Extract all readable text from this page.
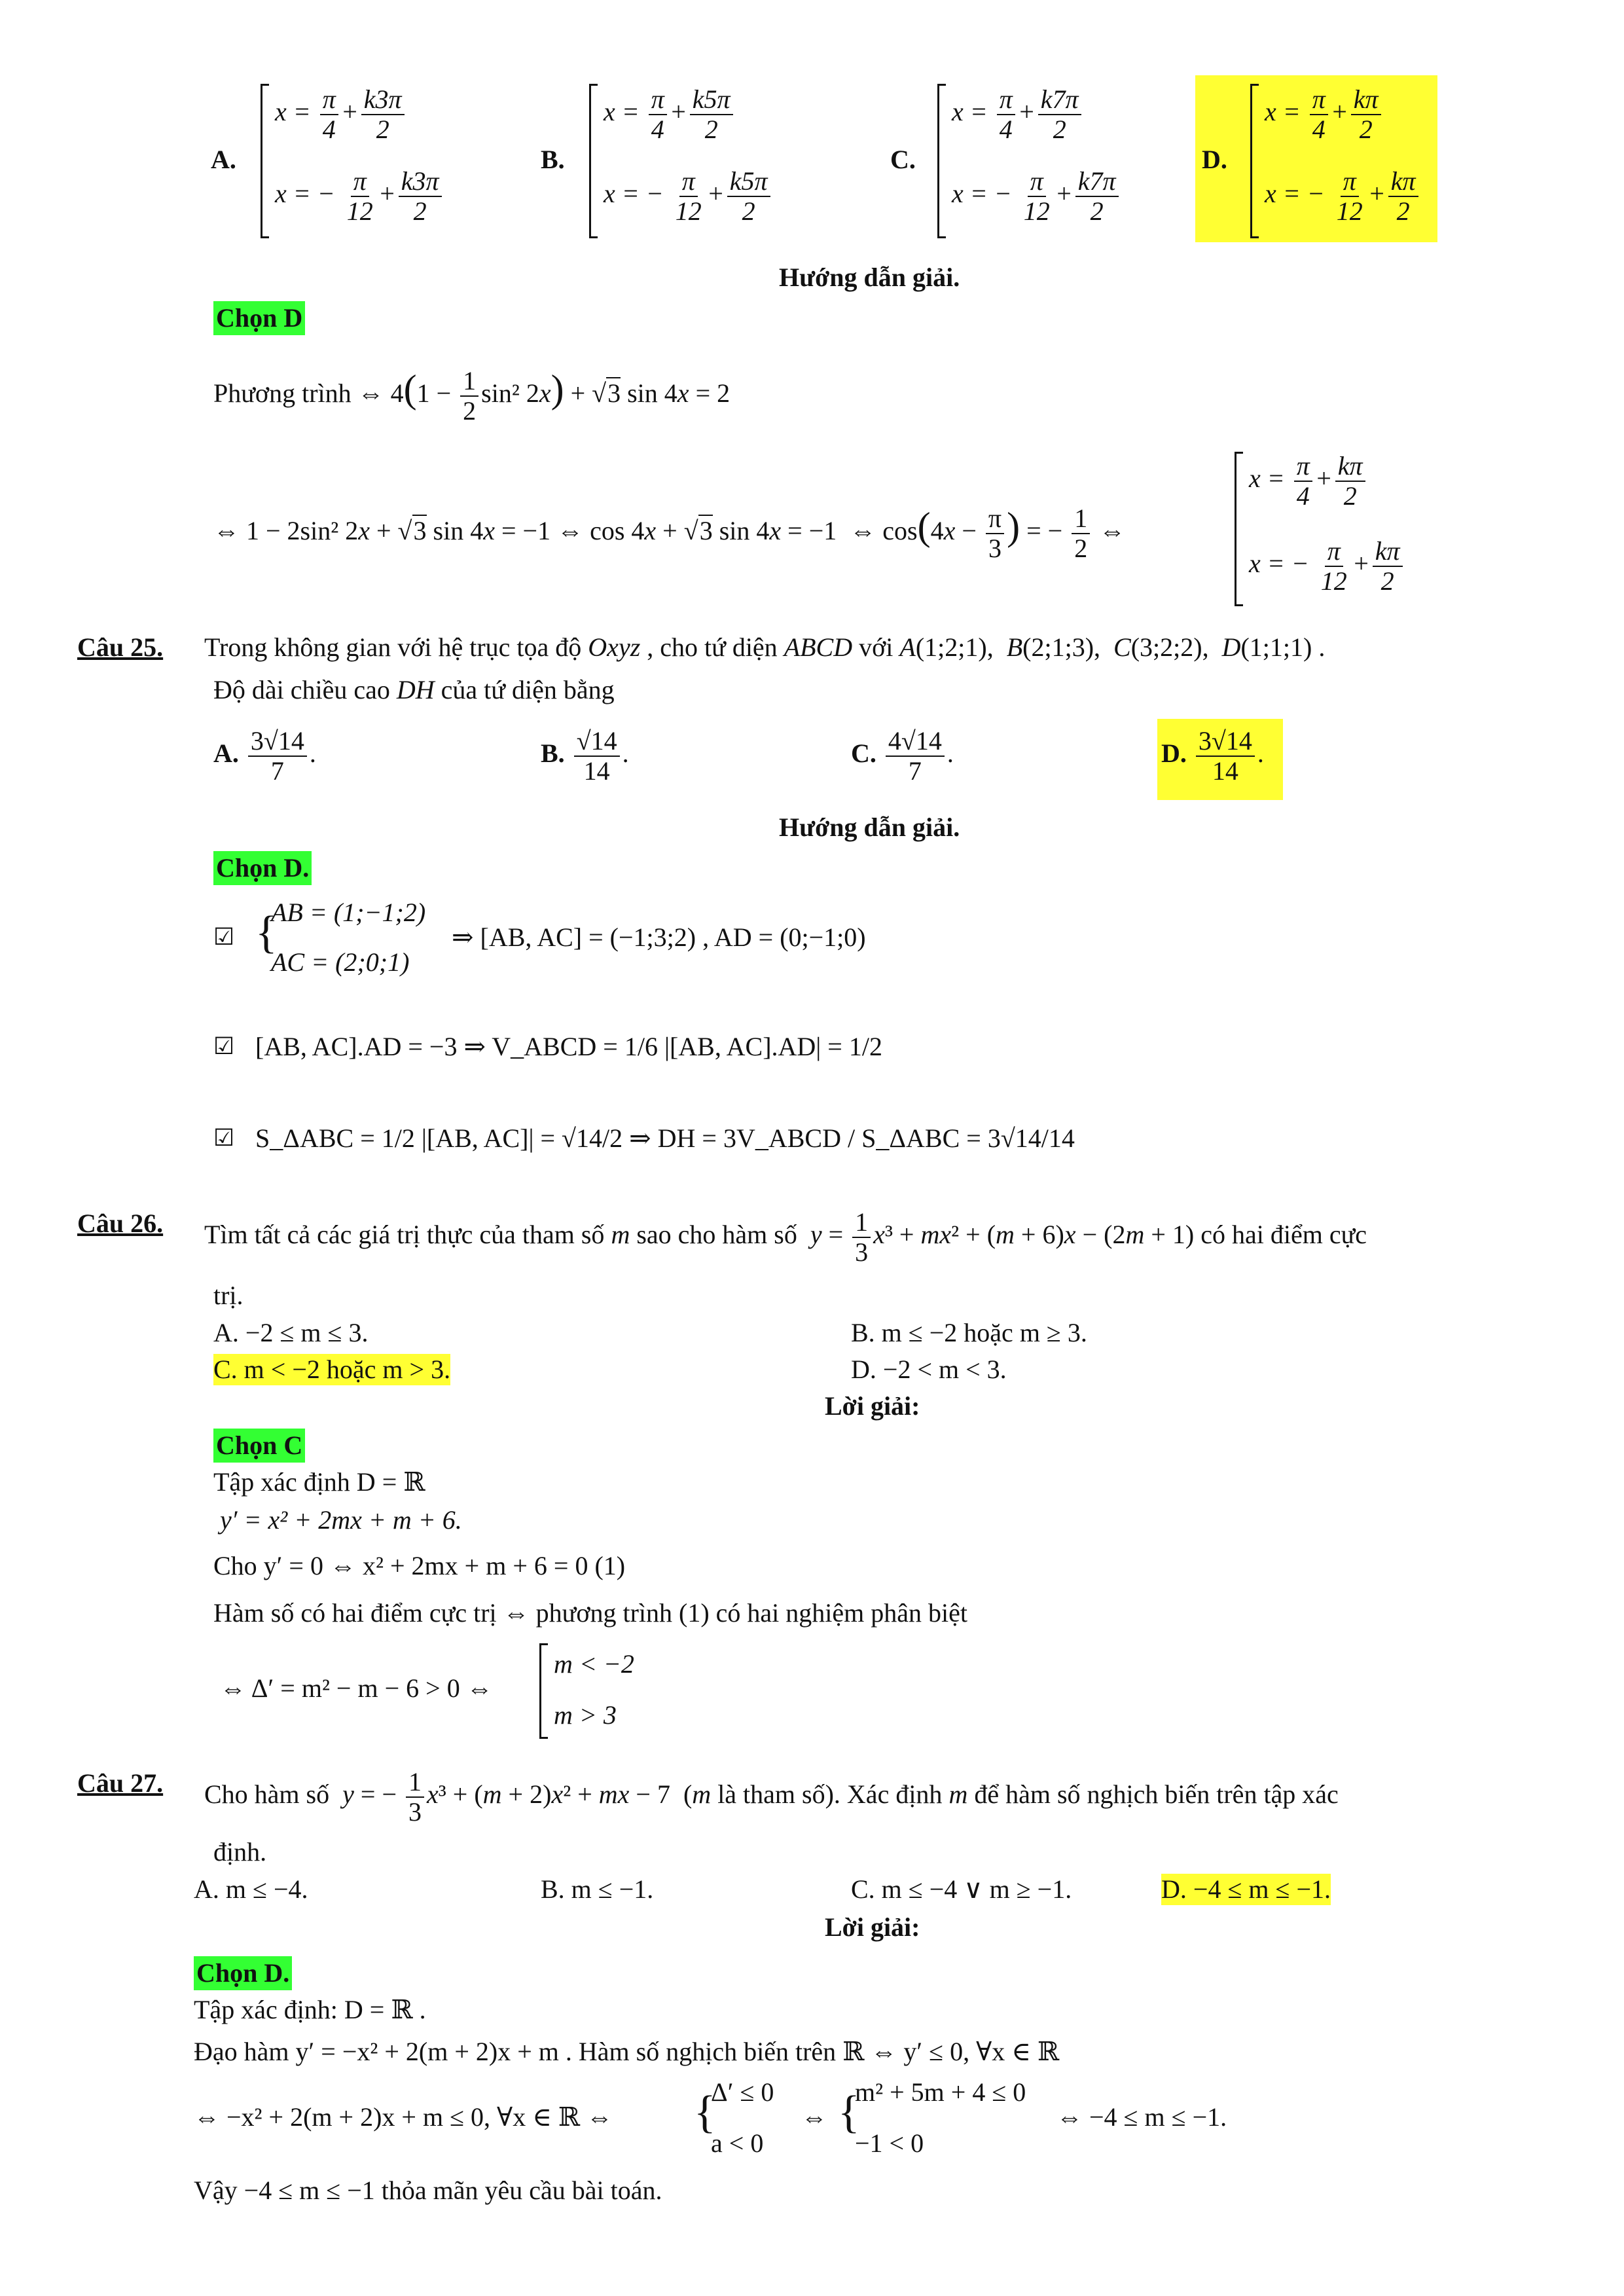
A.
$x = \frac{\pi}{4} + \frac{k3\pi}{2}$
x = − $\frac{\pi}{12} + \frac{k3\pi}{2}$
B.
$x = \frac{\pi}{4} + \frac{k5\pi}{2}$
x = − $\frac{\pi}{12} + \frac{k5\pi}{2}$
C.
$x = \frac{\pi}{4} + \frac{k7\pi}{2}$
x = − $\frac{\pi}{12} + \frac{k7\pi}{2}$
D.
$x = \frac{\pi}{4} + \frac{k\pi}{2}$
x = − $\frac{\pi}{12} + \frac{k\pi}{2}$
Hướng dẫn giải.
Chọn D
Phương trình ⇔ $4(1 - \frac{1}{2} \sin^2$ 2x) + √3 sin 4x = 2
⇔ 1 − 2sin² 2x + √3 sin 4x = −1 ⇔ cos 4x + √3 sin 4x = −1  ⇔ $\cos(4x - \frac{\pi}{3}$ ) = − $\frac{1}{2}$ ⇔
$x = \frac{\pi}{4} + \frac{k\pi}{2}$
x = − $\frac{\pi}{12} + \frac{k\pi}{2}$
Câu 25. Trong không gian với hệ trục tọa độ Oxyz , cho tứ diện ABCD với A(1;2;1),  B(2;1;3),  C(3;2;2),  D(1;1;1) .
Độ dài chiều cao DH của tứ diện bằng
A. $\frac{3√14}{7}$ .	B. $\frac{√14}{14}$ .	C. $\frac{4√14}{7}$ .	D. $\frac{3√14}{14}$ .
Hướng dẫn giải.
Chọn D.
☑ {
AB = (1;−1;2)
AC = (2;0;1)
⇒ [AB, AC] = (−1;3;2) , AD = (0;−1;0)
☑ [AB, AC].AD = −3 ⇒ V_ABCD = 1/6 |[AB, AC].AD| = 1/2
☑ S_ΔABC = 1/2 |[AB, AC]| = √14/2 ⇒ DH = 3V_ABCD / S_ΔABC = 3√14/14
Câu 26. Tìm tất cả các giá trị thực của tham số m sao cho hàm số  $y = \frac{1}{3} x^3 + mx^2 + (m + 6)x - (2m + 1)$ có hai điểm cực
trị.
A. −2 ≤ m ≤ 3.	B. m ≤ −2 hoặc m ≥ 3.
C. m < −2 hoặc m > 3.	D. −2 < m < 3.
Lời giải:
Chọn C
Tập xác định D = ℝ
y′ = x² + 2mx + m + 6.
Cho y′ = 0 ⇔ x² + 2mx + m + 6 = 0 (1)
Hàm số có hai điểm cực trị ⇔ phương trình (1) có hai nghiệm phân biệt
⇔ Δ′ = m² − m − 6 > 0 ⇔
m < −2
m > 3
Câu 27. Cho hàm số  y = − $\frac{1}{3} x^3 + (m + 2)x^2$ + mx − 7  (m là tham số). Xác định m để hàm số nghịch biến trên tập xác
định.
A. m ≤ −4.	B. m ≤ −1.	C. m ≤ −4 ∨ m ≥ −1.	D. −4 ≤ m ≤ −1.
Lời giải:
Chọn D.
Tập xác định: D = ℝ .
Đạo hàm y′ = −x² + 2(m + 2)x + m . Hàm số nghịch biến trên ℝ ⇔ y′ ≤ 0, ∀x ∈ ℝ
⇔ −x² + 2(m + 2)x + m ≤ 0, ∀x ∈ ℝ ⇔ {
Δ′ ≤ 0
a < 0
⇔ {
m² + 5m + 4 ≤ 0
−1 < 0
⇔ −4 ≤ m ≤ −1.
Vậy −4 ≤ m ≤ −1 thỏa mãn yêu cầu bài toán.
